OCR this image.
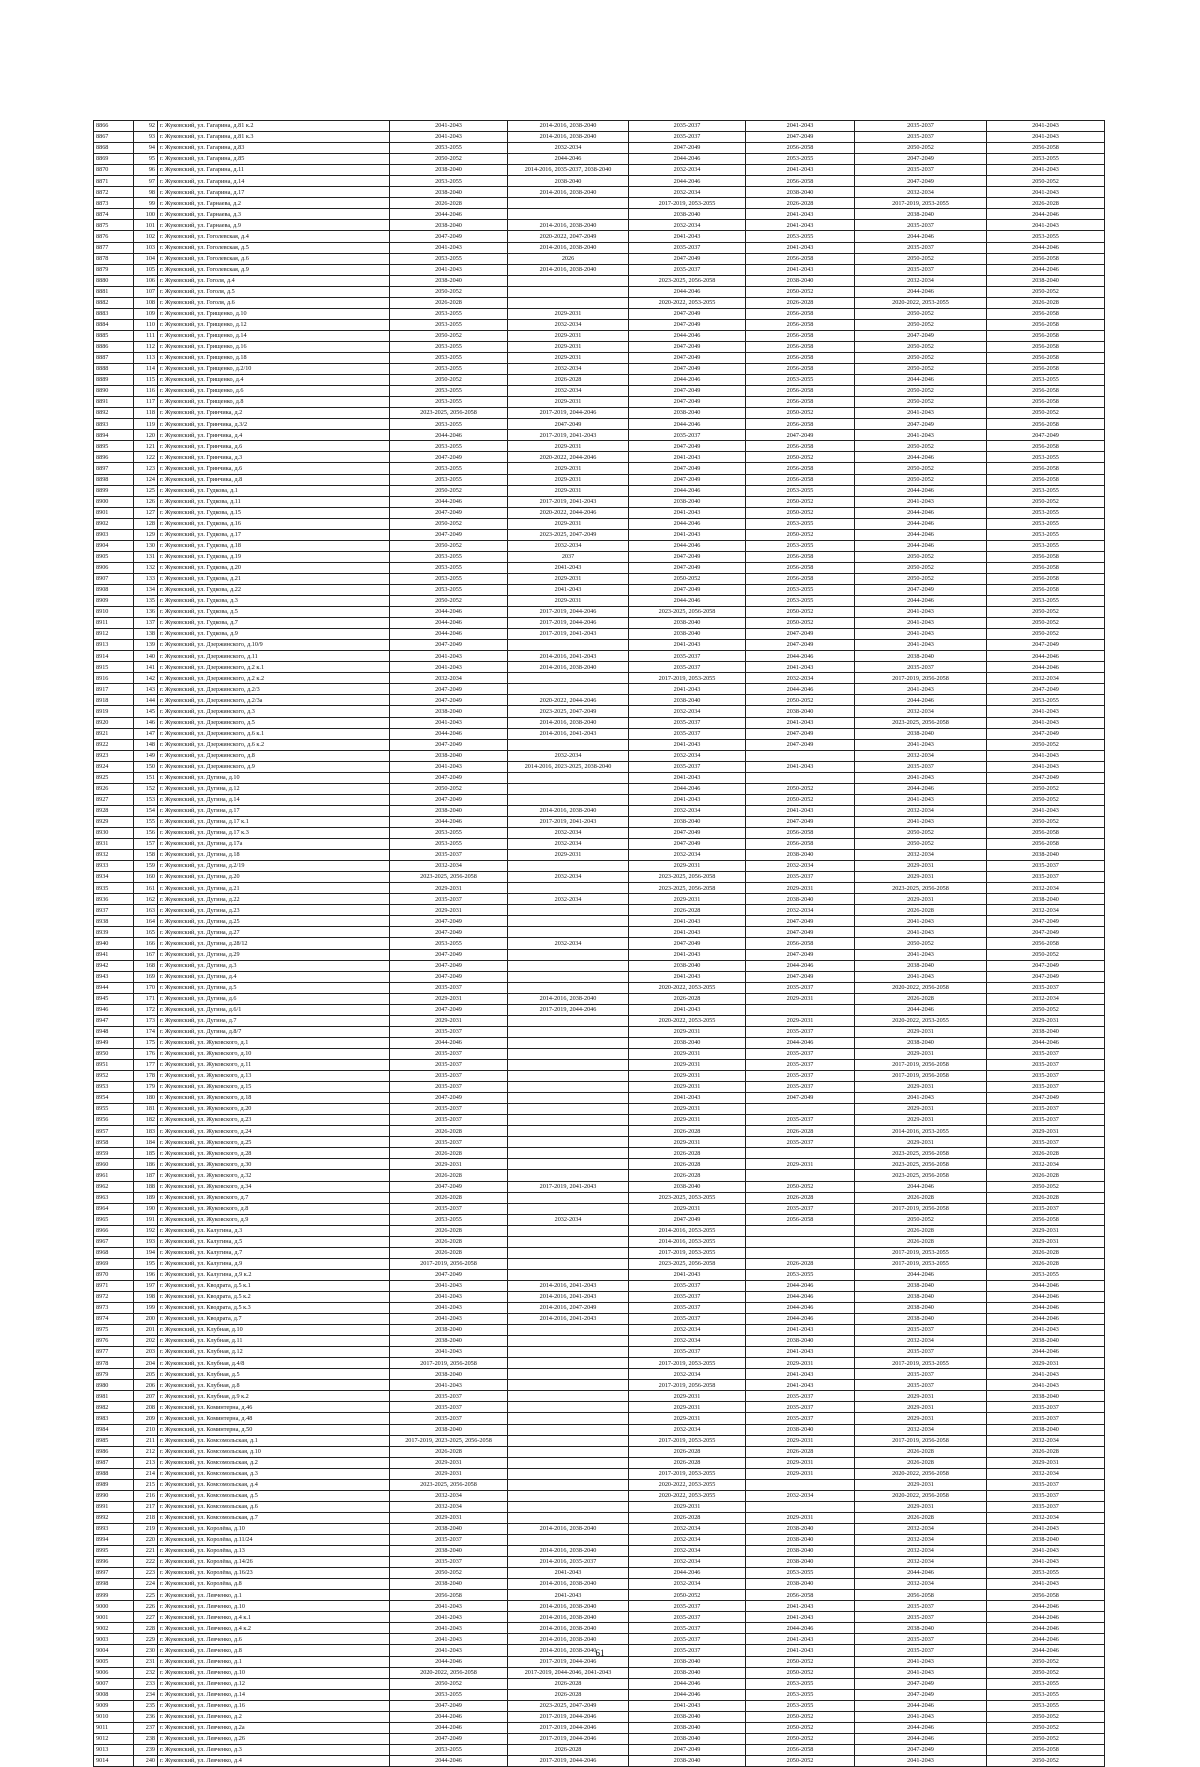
8866	92	г. Жуковский, ул. Гагарина, д.81 к.2	2041-2043	2014-2016, 2038-2040	2035-2037	2041-2043	2035-2037	2041-2043
8867	93	г. Жуковский, ул. Гагарина, д.81 к.3	2041-2043	2014-2016, 2038-2040	2035-2037	2047-2049	2035-2037	2041-2043
8868	94	г. Жуковский, ул. Гагарина, д.83	2053-2055	2032-2034	2047-2049	2056-2058	2050-2052	2056-2058
8869	95	г. Жуковский, ул. Гагарина, д.85	2050-2052	2044-2046	2044-2046	2053-2055	2047-2049	2053-2055
8870	96	г. Жуковский, ул. Гагарина, д.11	2038-2040	2014-2016, 2035-2037, 2038-2040	2032-2034	2041-2043	2035-2037	2041-2043
8871	97	г. Жуковский, ул. Гагарина, д.14	2053-2055	2038-2040	2044-2046	2056-2058	2047-2049	2050-2052
8872	98	г. Жуковский, ул. Гагарина, д.17	2038-2040	2014-2016, 2038-2040	2032-2034	2038-2040	2032-2034	2041-2043
8873	99	г. Жуковский, ул. Гарнаева, д.2	2026-2028		2017-2019, 2053-2055	2026-2028	2017-2019, 2053-2055	2026-2028
8874	100	г. Жуковский, ул. Гарнаева, д.3	2044-2046		2038-2040	2041-2043	2038-2040	2044-2046
8875	101	г. Жуковский, ул. Гарнаева, д.9	2038-2040	2014-2016, 2038-2040	2032-2034	2041-2043	2035-2037	2041-2043
8876	102	г. Жуковский, ул. Гоголевская, д.4	2047-2049	2020-2022, 2047-2049	2041-2043	2053-2055	2044-2046	2053-2055
8877	103	г. Жуковский, ул. Гоголевская, д.5	2041-2043	2014-2016, 2038-2040	2035-2037	2041-2043	2035-2037	2044-2046
8878	104	г. Жуковский, ул. Гоголевская, д.6	2053-2055	2026	2047-2049	2056-2058	2050-2052	2056-2058
8879	105	г. Жуковский, ул. Гоголевская, д.9	2041-2043	2014-2016, 2038-2040	2035-2037	2041-2043	2035-2037	2044-2046
8880	106	г. Жуковский, ул. Гоголя, д.4	2038-2040		2023-2025, 2056-2058	2038-2040	2032-2034	2038-2040
8881	107	г. Жуковский, ул. Гоголя, д.5	2050-2052		2044-2046	2050-2052	2044-2046	2050-2052
8882	108	г. Жуковский, ул. Гоголя, д.6	2026-2028		2020-2022, 2053-2055	2026-2028	2020-2022, 2053-2055	2026-2028
8883	109	г. Жуковский, ул. Грищенко, д.10	2053-2055	2029-2031	2047-2049	2056-2058	2050-2052	2056-2058
8884	110	г. Жуковский, ул. Грищенко, д.12	2053-2055	2032-2034	2047-2049	2056-2058	2050-2052	2056-2058
8885	111	г. Жуковский, ул. Грищенко, д.14	2050-2052	2029-2031	2044-2046	2056-2058	2047-2049	2056-2058
8886	112	г. Жуковский, ул. Грищенко, д.16	2053-2055	2029-2031	2047-2049	2056-2058	2050-2052	2056-2058
8887	113	г. Жуковский, ул. Грищенко, д.18	2053-2055	2029-2031	2047-2049	2056-2058	2050-2052	2056-2058
8888	114	г. Жуковский, ул. Грищенко, д.2/10	2053-2055	2032-2034	2047-2049	2056-2058	2050-2052	2056-2058
8889	115	г. Жуковский, ул. Грищенко, д.4	2050-2052	2026-2028	2044-2046	2053-2055	2044-2046	2053-2055
8890	116	г. Жуковский, ул. Грищенко, д.6	2053-2055	2032-2034	2047-2049	2056-2058	2050-2052	2056-2058
8891	117	г. Жуковский, ул. Грищенко, д.8	2053-2055	2029-2031	2047-2049	2056-2058	2050-2052	2056-2058
8892	118	г. Жуковский, ул. Гринчика, д.2	2023-2025, 2056-2058	2017-2019, 2044-2046	2038-2040	2050-2052	2041-2043	2050-2052
8893	119	г. Жуковский, ул. Гринчика, д.3/2	2053-2055	2047-2049	2044-2046	2056-2058	2047-2049	2056-2058
8894	120	г. Жуковский, ул. Гринчика, д.4	2044-2046	2017-2019, 2041-2043	2035-2037	2047-2049	2041-2043	2047-2049
8895	121	г. Жуковский, ул. Гринчика, д.6	2053-2055	2029-2031	2047-2049	2056-2058	2050-2052	2056-2058
8896	122	г. Жуковский, ул. Гринчика, д.3	2047-2049	2020-2022, 2044-2046	2041-2043	2050-2052	2044-2046	2053-2055
8897	123	г. Жуковский, ул. Гринчика, д.6	2053-2055	2029-2031	2047-2049	2056-2058	2050-2052	2056-2058
8898	124	г. Жуковский, ул. Гринчика, д.8	2053-2055	2029-2031	2047-2049	2056-2058	2050-2052	2056-2058
8899	125	г. Жуковский, ул. Гудкова, д.1	2050-2052	2029-2031	2044-2046	2053-2055	2044-2046	2053-2055
8900	126	г. Жуковский, ул. Гудкова, д.11	2044-2046	2017-2019, 2041-2043	2038-2040	2050-2052	2041-2043	2050-2052
8901	127	г. Жуковский, ул. Гудкова, д.15	2047-2049	2020-2022, 2044-2046	2041-2043	2050-2052	2044-2046	2053-2055
8902	128	г. Жуковский, ул. Гудкова, д.16	2050-2052	2029-2031	2044-2046	2053-2055	2044-2046	2053-2055
8903	129	г. Жуковский, ул. Гудкова, д.17	2047-2049	2023-2025, 2047-2049	2041-2043	2050-2052	2044-2046	2053-2055
8904	130	г. Жуковский, ул. Гудкова, д.18	2050-2052	2032-2034	2044-2046	2053-2055	2044-2046	2053-2055
8905	131	г. Жуковский, ул. Гудкова, д.19	2053-2055	2037	2047-2049	2056-2058	2050-2052	2056-2058
8906	132	г. Жуковский, ул. Гудкова, д.20	2053-2055	2041-2043	2047-2049	2056-2058	2050-2052	2056-2058
8907	133	г. Жуковский, ул. Гудкова, д.21	2053-2055	2029-2031	2050-2052	2056-2058	2050-2052	2056-2058
8908	134	г. Жуковский, ул. Гудкова, д.22	2053-2055	2041-2043	2047-2049	2053-2055	2047-2049	2056-2058
8909	135	г. Жуковский, ул. Гудкова, д.3	2050-2052	2029-2031	2044-2046	2053-2055	2044-2046	2053-2055
8910	136	г. Жуковский, ул. Гудкова, д.5	2044-2046	2017-2019, 2044-2046	2023-2025, 2056-2058	2050-2052	2041-2043	2050-2052
8911	137	г. Жуковский, ул. Гудкова, д.7	2044-2046	2017-2019, 2044-2046	2038-2040	2050-2052	2041-2043	2050-2052
8912	138	г. Жуковский, ул. Гудкова, д.9	2044-2046	2017-2019, 2041-2043	2038-2040	2047-2049	2041-2043	2050-2052
8913	139	г. Жуковский, ул. Дзержинского, д.10/9	2047-2049		2041-2043	2047-2049	2041-2043	2047-2049
8914	140	г. Жуковский, ул. Дзержинского, д.11	2041-2043	2014-2016, 2041-2043	2035-2037	2044-2046	2038-2040	2044-2046
8915	141	г. Жуковский, ул. Дзержинского, д.2 к.1	2041-2043	2014-2016, 2038-2040	2035-2037	2041-2043	2035-2037	2044-2046
8916	142	г. Жуковский, ул. Дзержинского, д.2 к.2	2032-2034		2017-2019, 2053-2055	2032-2034	2017-2019, 2056-2058	2032-2034
8917	143	г. Жуковский, ул. Дзержинского, д.2/3	2047-2049		2041-2043	2044-2046	2041-2043	2047-2049
8918	144	г. Жуковский, ул. Дзержинского, д.2/3а	2047-2049	2020-2022, 2044-2046	2038-2040	2050-2052	2044-2046	2053-2055
8919	145	г. Жуковский, ул. Дзержинского, д.3	2038-2040	2023-2025, 2047-2049	2032-2034	2038-2040	2032-2034	2041-2043
8920	146	г. Жуковский, ул. Дзержинского, д.5	2041-2043	2014-2016, 2038-2040	2035-2037	2041-2043	2023-2025, 2056-2058	2041-2043
8921	147	г. Жуковский, ул. Дзержинского, д.6 к.1	2044-2046	2014-2016, 2041-2043	2035-2037	2047-2049	2038-2040	2047-2049
8922	148	г. Жуковский, ул. Дзержинского, д.6 к.2	2047-2049		2041-2043	2047-2049	2041-2043	2050-2052
8923	149	г. Жуковский, ул. Дзержинского, д.8	2038-2040	2032-2034	2032-2034		2032-2034	2041-2043
8924	150	г. Жуковский, ул. Дзержинского, д.9	2041-2043	2014-2016, 2023-2025, 2038-2040	2035-2037	2041-2043	2035-2037	2041-2043
8925	151	г. Жуковский, ул. Дугина, д.10	2047-2049		2041-2043		2041-2043	2047-2049
8926	152	г. Жуковский, ул. Дугина, д.12	2050-2052		2044-2046	2050-2052	2044-2046	2050-2052
8927	153	г. Жуковский, ул. Дугина, д.14	2047-2049		2041-2043	2050-2052	2041-2043	2050-2052
8928	154	г. Жуковский, ул. Дугина, д.17	2038-2040	2014-2016, 2038-2040	2032-2034	2041-2043	2032-2034	2041-2043
8929	155	г. Жуковский, ул. Дугина, д.17 к.1	2044-2046	2017-2019, 2041-2043	2038-2040	2047-2049	2041-2043	2050-2052
8930	156	г. Жуковский, ул. Дугина, д.17 к.3	2053-2055	2032-2034	2047-2049	2056-2058	2050-2052	2056-2058
8931	157	г. Жуковский, ул. Дугина, д.17а	2053-2055	2032-2034	2047-2049	2056-2058	2050-2052	2056-2058
8932	158	г. Жуковский, ул. Дугина, д.18	2035-2037	2029-2031	2032-2034	2038-2040	2032-2034	2038-2040
8933	159	г. Жуковский, ул. Дугина, д.2/19	2032-2034		2029-2031	2032-2034	2029-2031	2035-2037
8934	160	г. Жуковский, ул. Дугина, д.20	2023-2025, 2056-2058	2032-2034	2023-2025, 2056-2058	2035-2037	2029-2031	2035-2037
8935	161	г. Жуковский, ул. Дугина, д.21	2029-2031		2023-2025, 2056-2058	2029-2031	2023-2025, 2056-2058	2032-2034
8936	162	г. Жуковский, ул. Дугина, д.22	2035-2037	2032-2034	2029-2031	2038-2040	2029-2031	2038-2040
8937	163	г. Жуковский, ул. Дугина, д.23	2029-2031		2026-2028	2032-2034	2026-2028	2032-2034
8938	164	г. Жуковский, ул. Дугина, д.25	2047-2049		2041-2043	2047-2049	2041-2043	2047-2049
8939	165	г. Жуковский, ул. Дугина, д.27	2047-2049		2041-2043	2047-2049	2041-2043	2047-2049
8940	166	г. Жуковский, ул. Дугина, д.28/12	2053-2055	2032-2034	2047-2049	2056-2058	2050-2052	2056-2058
8941	167	г. Жуковский, ул. Дугина, д.29	2047-2049		2041-2043	2047-2049	2041-2043	2050-2052
8942	168	г. Жуковский, ул. Дугина, д.3	2047-2049		2038-2040	2044-2046	2038-2040	2047-2049
8943	169	г. Жуковский, ул. Дугина, д.4	2047-2049		2041-2043	2047-2049	2041-2043	2047-2049
8944	170	г. Жуковский, ул. Дугина, д.5	2035-2037		2020-2022, 2053-2055	2035-2037	2020-2022, 2056-2058	2035-2037
8945	171	г. Жуковский, ул. Дугина, д.6	2029-2031	2014-2016, 2038-2040	2026-2028	2029-2031	2026-2028	2032-2034
8946	172	г. Жуковский, ул. Дугина, д.6/1	2047-2049	2017-2019, 2044-2046	2041-2043		2044-2046	2050-2052
8947	173	г. Жуковский, ул. Дугина, д.7	2029-2031		2020-2022, 2053-2055	2029-2031	2020-2022, 2053-2055	2029-2031
8948	174	г. Жуковский, ул. Дугина, д.8/7	2035-2037		2029-2031	2035-2037	2029-2031	2038-2040
8949	175	г. Жуковский, ул. Жуковского, д.1	2044-2046		2038-2040	2044-2046	2038-2040	2044-2046
8950	176	г. Жуковский, ул. Жуковского, д.10	2035-2037		2029-2031	2035-2037	2029-2031	2035-2037
8951	177	г. Жуковский, ул. Жуковского, д.11	2035-2037		2029-2031	2035-2037	2017-2019, 2056-2058	2035-2037
8952	178	г. Жуковский, ул. Жуковского, д.13	2035-2037		2029-2031	2035-2037	2017-2019, 2056-2058	2035-2037
8953	179	г. Жуковский, ул. Жуковского, д.15	2035-2037		2029-2031	2035-2037	2029-2031	2035-2037
8954	180	г. Жуковский, ул. Жуковского, д.18	2047-2049		2041-2043	2047-2049	2041-2043	2047-2049
8955	181	г. Жуковский, ул. Жуковского, д.20	2035-2037		2029-2031		2029-2031	2035-2037
8956	182	г. Жуковский, ул. Жуковского, д.23	2035-2037		2029-2031	2035-2037	2029-2031	2035-2037
8957	183	г. Жуковский, ул. Жуковского, д.24	2026-2028		2026-2028	2026-2028	2014-2016, 2053-2055	2029-2031
8958	184	г. Жуковский, ул. Жуковского, д.25	2035-2037		2029-2031	2035-2037	2029-2031	2035-2037
8959	185	г. Жуковский, ул. Жуковского, д.28	2026-2028		2026-2028		2023-2025, 2056-2058	2026-2028
8960	186	г. Жуковский, ул. Жуковского, д.30	2029-2031		2026-2028	2029-2031	2023-2025, 2056-2058	2032-2034
8961	187	г. Жуковский, ул. Жуковского, д.32	2026-2028		2026-2028		2023-2025, 2056-2058	2026-2028
8962	188	г. Жуковский, ул. Жуковского, д.34	2047-2049	2017-2019, 2041-2043	2038-2040	2050-2052	2044-2046	2050-2052
8963	189	г. Жуковский, ул. Жуковского, д.7	2026-2028		2023-2025, 2053-2055	2026-2028	2026-2028	2026-2028
8964	190	г. Жуковский, ул. Жуковского, д.8	2035-2037		2029-2031	2035-2037	2017-2019, 2056-2058	2035-2037
8965	191	г. Жуковский, ул. Жуковского, д.9	2053-2055	2032-2034	2047-2049	2056-2058	2050-2052	2056-2058
8966	192	г. Жуковский, ул. Калугина, д.3	2026-2028		2014-2016, 2053-2055		2026-2028	2029-2031
8967	193	г. Жуковский, ул. Калугина, д.5	2026-2028		2014-2016, 2053-2055		2026-2028	2029-2031
8968	194	г. Жуковский, ул. Калугина, д.7	2026-2028		2017-2019, 2053-2055		2017-2019, 2053-2055	2026-2028
8969	195	г. Жуковский, ул. Калугина, д.9	2017-2019, 2056-2058		2023-2025, 2056-2058	2026-2028	2017-2019, 2053-2055	2026-2028
8970	196	г. Жуковский, ул. Калугина, д.9 к.2	2047-2049		2041-2043	2053-2055	2044-2046	2053-2055
8971	197	г. Жуковский, ул. Кводрата, д.5 к.1	2041-2043	2014-2016, 2041-2043	2035-2037	2044-2046	2038-2040	2044-2046
8972	198	г. Жуковский, ул. Кводрата, д.5 к.2	2041-2043	2014-2016, 2041-2043	2035-2037	2044-2046	2038-2040	2044-2046
8973	199	г. Жуковский, ул. Кводрата, д.5 к.3	2041-2043	2014-2016, 2047-2049	2035-2037	2044-2046	2038-2040	2044-2046
8974	200	г. Жуковский, ул. Кводрата, д.7	2041-2043	2014-2016, 2041-2043	2035-2037	2044-2046	2038-2040	2044-2046
8975	201	г. Жуковский, ул. Клубная, д.10	2038-2040		2032-2034	2041-2043	2035-2037	2041-2043
8976	202	г. Жуковский, ул. Клубная, д.11	2038-2040		2032-2034	2038-2040	2032-2034	2038-2040
8977	203	г. Жуковский, ул. Клубная, д.12	2041-2043		2035-2037	2041-2043	2035-2037	2044-2046
8978	204	г. Жуковский, ул. Клубная, д.4/8	2017-2019, 2056-2058		2017-2019, 2053-2055	2029-2031	2017-2019, 2053-2055	2029-2031
8979	205	г. Жуковский, ул. Клубная, д.5	2038-2040		2032-2034	2041-2043	2035-2037	2041-2043
8980	206	г. Жуковский, ул. Клубная, д.8	2041-2043		2017-2019, 2056-2058	2041-2043	2035-2037	2041-2043
8981	207	г. Жуковский, ул. Клубная, д.9 к.2	2035-2037		2029-2031	2035-2037	2029-2031	2038-2040
8982	208	г. Жуковский, ул. Коминтерна, д.46	2035-2037		2029-2031	2035-2037	2029-2031	2035-2037
8983	209	г. Жуковский, ул. Коминтерна, д.48	2035-2037		2029-2031	2035-2037	2029-2031	2035-2037
8984	210	г. Жуковский, ул. Коминтерна, д.50	2038-2040		2032-2034	2038-2040	2032-2034	2038-2040
8985	211	г. Жуковский, ул. Комсомольская, д.1	2017-2019, 2023-2025, 2056-2058		2017-2019, 2053-2055	2029-2031	2017-2019, 2056-2058	2032-2034
8986	212	г. Жуковский, ул. Комсомольская, д.10	2026-2028		2026-2028	2026-2028	2026-2028	2026-2028
8987	213	г. Жуковский, ул. Комсомольская, д.2	2029-2031		2026-2028	2029-2031	2026-2028	2029-2031
8988	214	г. Жуковский, ул. Комсомольская, д.3	2029-2031		2017-2019, 2053-2055	2029-2031	2020-2022, 2056-2058	2032-2034
8989	215	г. Жуковский, ул. Комсомольская, д.4	2023-2025, 2056-2058		2020-2022, 2053-2055		2029-2031	2035-2037
8990	216	г. Жуковский, ул. Комсомольская, д.5	2032-2034		2020-2022, 2053-2055	2032-2034	2020-2022, 2056-2058	2035-2037
8991	217	г. Жуковский, ул. Комсомольская, д.6	2032-2034		2029-2031		2029-2031	2035-2037
8992	218	г. Жуковский, ул. Комсомольская, д.7	2029-2031		2026-2028	2029-2031	2026-2028	2032-2034
8993	219	г. Жуковский, ул. Королёва, д.10	2038-2040	2014-2016, 2038-2040	2032-2034	2038-2040	2032-2034	2041-2043
8994	220	г. Жуковский, ул. Королёва, д.11/24	2035-2037		2032-2034	2038-2040	2032-2034	2038-2040
8995	221	г. Жуковский, ул. Королёва, д.13	2038-2040	2014-2016, 2038-2040	2032-2034	2038-2040	2032-2034	2041-2043
8996	222	г. Жуковский, ул. Королёва, д.14/26	2035-2037	2014-2016, 2035-2037	2032-2034	2038-2040	2032-2034	2041-2043
8997	223	г. Жуковский, ул. Королёва, д.16/23	2050-2052	2041-2043	2044-2046	2053-2055	2044-2046	2053-2055
8998	224	г. Жуковский, ул. Королёва, д.8	2038-2040	2014-2016, 2038-2040	2032-2034	2038-2040	2032-2034	2041-2043
8999	225	г. Жуковский, ул. Левченко, д.1	2056-2058	2041-2043	2050-2052	2056-2058	2056-2058	2056-2058
9000	226	г. Жуковский, ул. Левченко, д.10	2041-2043	2014-2016, 2038-2040	2035-2037	2041-2043	2035-2037	2044-2046
9001	227	г. Жуковский, ул. Левченко, д.4 к.1	2041-2043	2014-2016, 2038-2040	2035-2037	2041-2043	2035-2037	2044-2046
9002	228	г. Жуковский, ул. Левченко, д.4 к.2	2041-2043	2014-2016, 2038-2040	2035-2037	2044-2046	2038-2040	2044-2046
9003	229	г. Жуковский, ул. Левченко, д.6	2041-2043	2014-2016, 2038-2040	2035-2037	2041-2043	2035-2037	2044-2046
9004	230	г. Жуковский, ул. Левченко, д.8	2041-2043	2014-2016, 2038-2040	2035-2037	2041-2043	2035-2037	2044-2046
9005	231	г. Жуковский, ул. Левченко, д.1	2044-2046	2017-2019, 2044-2046	2038-2040	2050-2052	2041-2043	2050-2052
9006	232	г. Жуковский, ул. Левченко, д.10	2020-2022, 2056-2058	2017-2019, 2044-2046, 2041-2043	2038-2040	2050-2052	2041-2043	2050-2052
9007	233	г. Жуковский, ул. Левченко, д.12	2050-2052	2026-2028	2044-2046	2053-2055	2047-2049	2053-2055
9008	234	г. Жуковский, ул. Левченко, д.14	2053-2055	2026-2028	2044-2046	2053-2055	2047-2049	2053-2055
9009	235	г. Жуковский, ул. Левченко, д.16	2047-2049	2023-2025, 2047-2049	2041-2043	2053-2055	2044-2046	2053-2055
9010	236	г. Жуковский, ул. Левченко, д.2	2044-2046	2017-2019, 2044-2046	2038-2040	2050-2052	2041-2043	2050-2052
9011	237	г. Жуковский, ул. Левченко, д.2а	2044-2046	2017-2019, 2044-2046	2038-2040	2050-2052	2044-2046	2050-2052
9012	238	г. Жуковский, ул. Левченко, д.26	2047-2049	2017-2019, 2044-2046	2038-2040	2050-2052	2044-2046	2050-2052
9013	239	г. Жуковский, ул. Левченко, д.3	2053-2055	2026-2028	2047-2049	2056-2058	2047-2049	2056-2058
9014	240	г. Жуковский, ул. Левченко, д.4	2044-2046	2017-2019, 2044-2046	2038-2040	2050-2052	2041-2043	2050-2052
61
